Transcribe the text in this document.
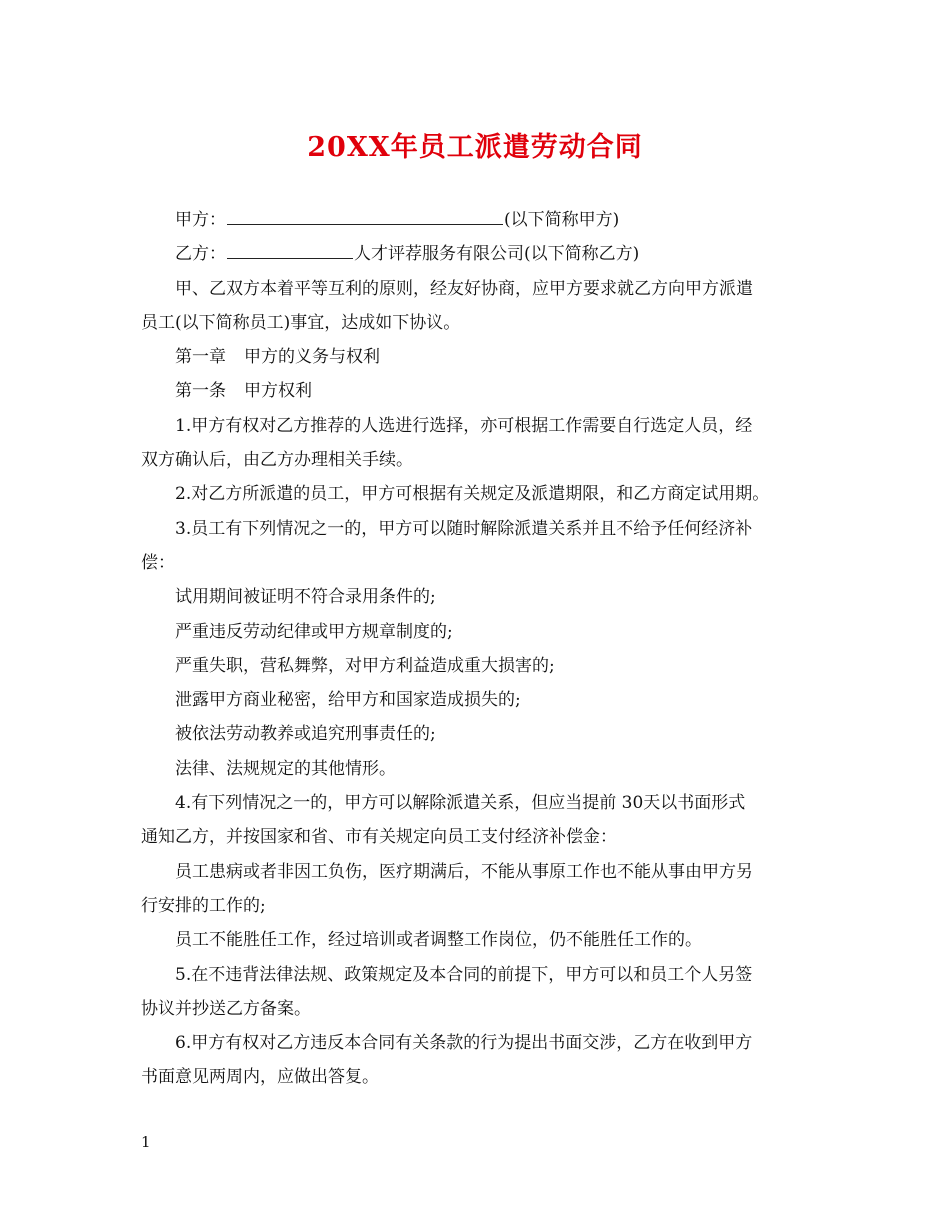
20XX年员工派遣劳动合同
甲方：	(以下简称甲方)
乙方：	人才评荐服务有限公司(以下简称乙方)
甲、乙双方本着平等互利的原则，经友好协商，应甲方要求就乙方向甲方派遣
员工(以下简称员工)事宜，达成如下协议。
第一章 甲方的义务与权利
第一条 甲方权利
1.甲方有权对乙方推荐的人选进行选择，亦可根据工作需要自行选定人员，经
双方确认后，由乙方办理相关手续。
2.对乙方所派遣的员工，甲方可根据有关规定及派遣期限，和乙方商定试用期。
3.员工有下列情况之一的，甲方可以随时解除派遣关系并且不给予任何经济补
偿：
试用期间被证明不符合录用条件的;
严重违反劳动纪律或甲方规章制度的;
严重失职，营私舞弊，对甲方利益造成重大损害的;
泄露甲方商业秘密，给甲方和国家造成损失的;
被依法劳动教养或追究刑事责任的;
法律、法规规定的其他情形。
4.有下列情况之一的，甲方可以解除派遣关系，但应当提前 30天以书面形式
通知乙方，并按国家和省、市有关规定向员工支付经济补偿金：
员工患病或者非因工负伤，医疗期满后，不能从事原工作也不能从事由甲方另
行安排的工作的;
员工不能胜任工作，经过培训或者调整工作岗位，仍不能胜任工作的。
5.在不违背法律法规、政策规定及本合同的前提下，甲方可以和员工个人另签
协议并抄送乙方备案。
6.甲方有权对乙方违反本合同有关条款的行为提出书面交涉，乙方在收到甲方
书面意见两周内，应做出答复。
1
